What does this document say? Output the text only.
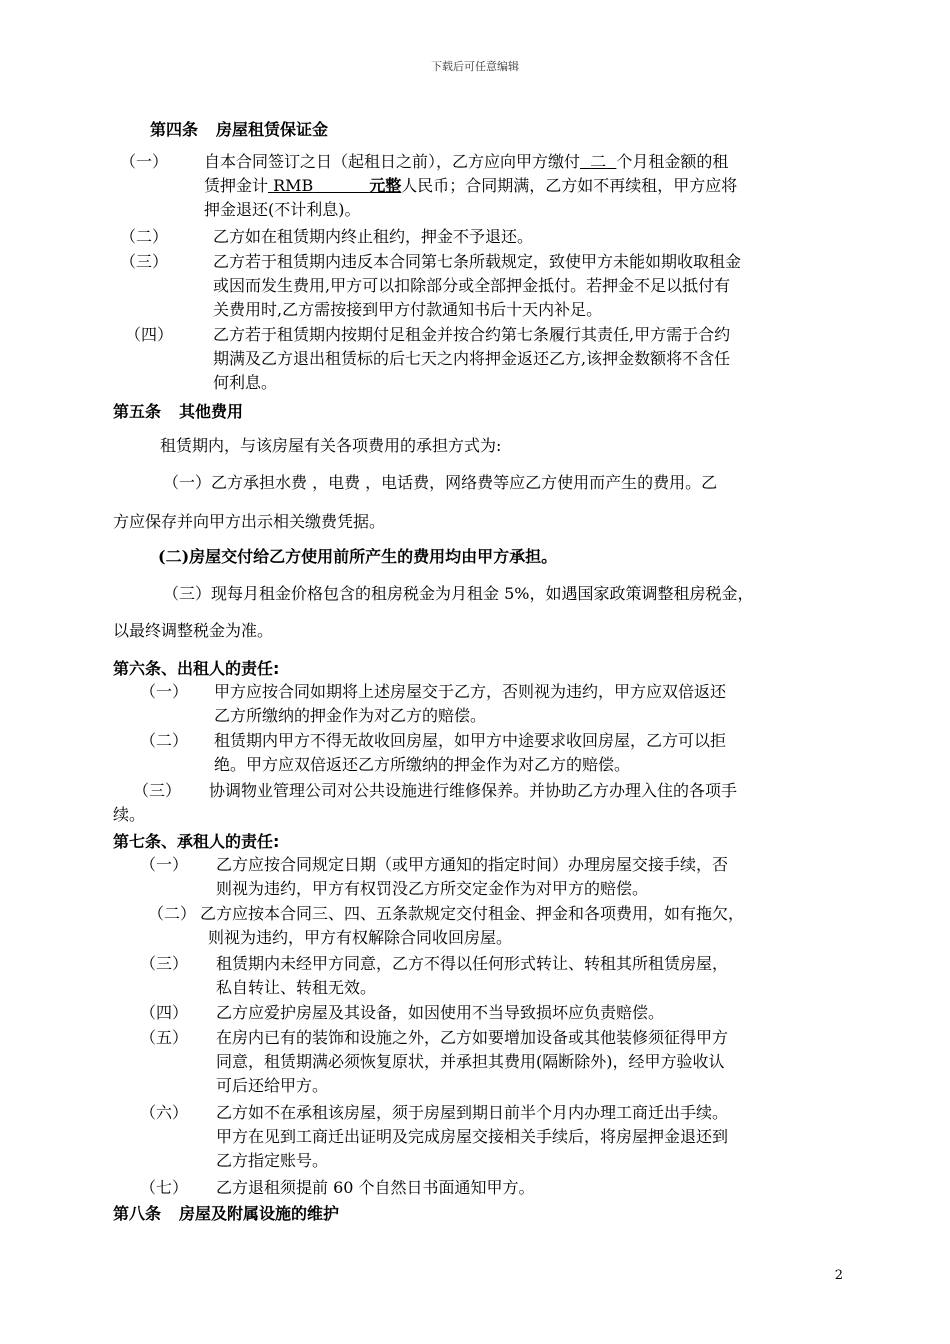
下载后可任意编辑
第四条 房屋租赁保证金
（一） 自本合同签订之日（起租日之前），乙方应向甲方缴付 二 个月租金额的租
赁押金计 RMB	元整人民币；合同期满，乙方如不再续租，甲方应将
押金退还(不计利息)。
（二）	乙方如在租赁期内终止租约，押金不予退还。
（三）	乙方若于租赁期内违反本合同第七条所载规定，致使甲方未能如期收取租金
或因而发生费用,甲方可以扣除部分或全部押金抵付。若押金不足以抵付有
关费用时,乙方需按接到甲方付款通知书后十天内补足。
（四） 乙方若于租赁期内按期付足租金并按合约第七条履行其责任,甲方需于合约
期满及乙方退出租赁标的后七天之内将押金返还乙方,该押金数额将不含任
何利息。
第五条 其他费用
租赁期内，与该房屋有关各项费用的承担方式为:
（一）乙方承担水费 ，电费 ，电话费，网络费等应乙方使用而产生的费用。乙
方应保存并向甲方出示相关缴费凭据。
(二)房屋交付给乙方使用前所产生的费用均由甲方承担。
（三）现每月租金价格包含的租房税金为月租金 5%，如遇国家政策调整租房税金，
以最终调整税金为准。
第六条、出租人的责任:
（一） 甲方应按合同如期将上述房屋交于乙方，否则视为违约，甲方应双倍返还
乙方所缴纳的押金作为对乙方的赔偿。
（二） 租赁期内甲方不得无故收回房屋，如甲方中途要求收回房屋，乙方可以拒
绝。甲方应双倍返还乙方所缴纳的押金作为对乙方的赔偿。
（三） 协调物业管理公司对公共设施进行维修保养。并协助乙方办理入住的各项手
续。
第七条、承租人的责任:
（一） 乙方应按合同规定日期（或甲方通知的指定时间）办理房屋交接手续，否
则视为违约，甲方有权罚没乙方所交定金作为对甲方的赔偿。
（二） 乙方应按本合同三、四、五条款规定交付租金、押金和各项费用，如有拖欠，
则视为违约，甲方有权解除合同收回房屋。
（三） 租赁期内未经甲方同意，乙方不得以任何形式转让、转租其所租赁房屋，
私自转让、转租无效。
（四） 乙方应爱护房屋及其设备，如因使用不当导致损坏应负责赔偿。
（五） 在房内已有的装饰和设施之外，乙方如要增加设备或其他装修须征得甲方
同意，租赁期满必须恢复原状，并承担其费用(隔断除外)，经甲方验收认
可后还给甲方。
（六） 乙方如不在承租该房屋，须于房屋到期日前半个月内办理工商迁出手续。
甲方在见到工商迁出证明及完成房屋交接相关手续后，将房屋押金退还到
乙方指定账号。
（七） 乙方退租须提前 60 个自然日书面通知甲方。
第八条 房屋及附属设施的维护
2
